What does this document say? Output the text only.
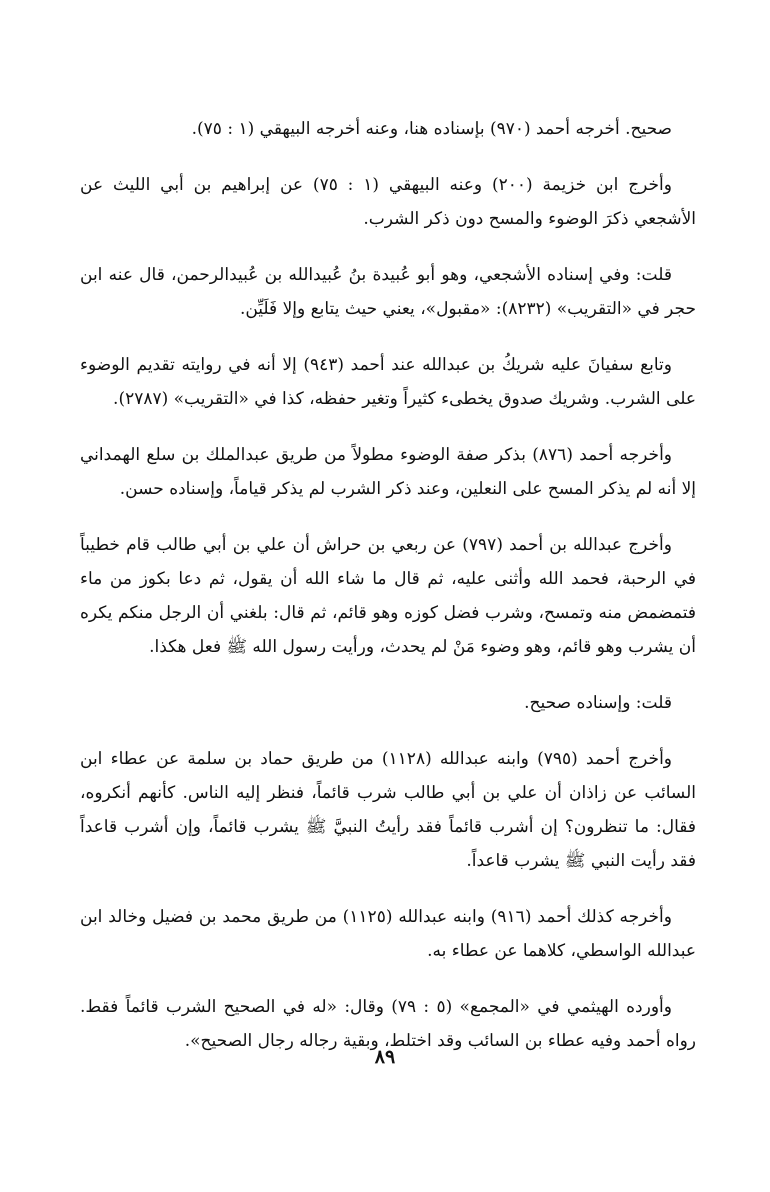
صحيح. أخرجه أحمد (٩٧٠) بإسناده هنا، وعنه أخرجه البيهقي (١ : ٧٥).

وأخرج ابن خزيمة (٢٠٠) وعنه البيهقي (١ : ٧٥) عن إبراهيم بن أبي الليث عن الأشجعي ذكرَ الوضوء والمسح دون ذكر الشرب.

قلت: وفي إسناده الأشجعي، وهو أبو عُبيدة بنُ عُبيدالله بن عُبيدالرحمن، قال عنه ابن حجر في «التقريب» (٨٢٣٢): «مقبول»، يعني حيث يتابع وإلا فَلَيِّن.

وتابع سفيانَ عليه شريكُ بن عبدالله عند أحمد (٩٤٣) إلا أنه في روايته تقديم الوضوء على الشرب. وشريك صدوق يخطىء كثيراً وتغير حفظه، كذا في «التقريب» (٢٧٨٧).

وأخرجه أحمد (٨٧٦) بذكر صفة الوضوء مطولاً من طريق عبدالملك بن سلع الهمداني إلا أنه لم يذكر المسح على النعلين، وعند ذكر الشرب لم يذكر قياماً، وإسناده حسن.

وأخرج عبدالله بن أحمد (٧٩٧) عن ربعي بن حراش أن علي بن أبي طالب قام خطيباً في الرحبة، فحمد الله وأثنى عليه، ثم قال ما شاء الله أن يقول، ثم دعا بكوز من ماء فتمضمض منه وتمسح، وشرب فضل كوزه وهو قائم، ثم قال: بلغني أن الرجل منكم يكره أن يشرب وهو قائم، وهو وضوء مَنْ لم يحدث، ورأيت رسول الله ﷺ فعل هكذا.

قلت: وإسناده صحيح.

وأخرج أحمد (٧٩٥) وابنه عبدالله (١١٢٨) من طريق حماد بن سلمة عن عطاء ابن السائب عن زاذان أن علي بن أبي طالب شرب قائماً، فنظر إليه الناس. كأنهم أنكروه، فقال: ما تنظرون؟ إن أشرب قائماً فقد رأيتُ النبيَّ ﷺ يشرب قائماً، وإن أشرب قاعداً فقد رأيت النبي ﷺ يشرب قاعداً.

وأخرجه كذلك أحمد (٩١٦) وابنه عبدالله (١١٢٥) من طريق محمد بن فضيل وخالد ابن عبدالله الواسطي، كلاهما عن عطاء به.

وأورده الهيثمي في «المجمع» (٥ : ٧٩) وقال: «له في الصحيح الشرب قائماً فقط. رواه أحمد وفيه عطاء بن السائب وقد اختلط، وبقية رجاله رجال الصحيح».

٨٩
